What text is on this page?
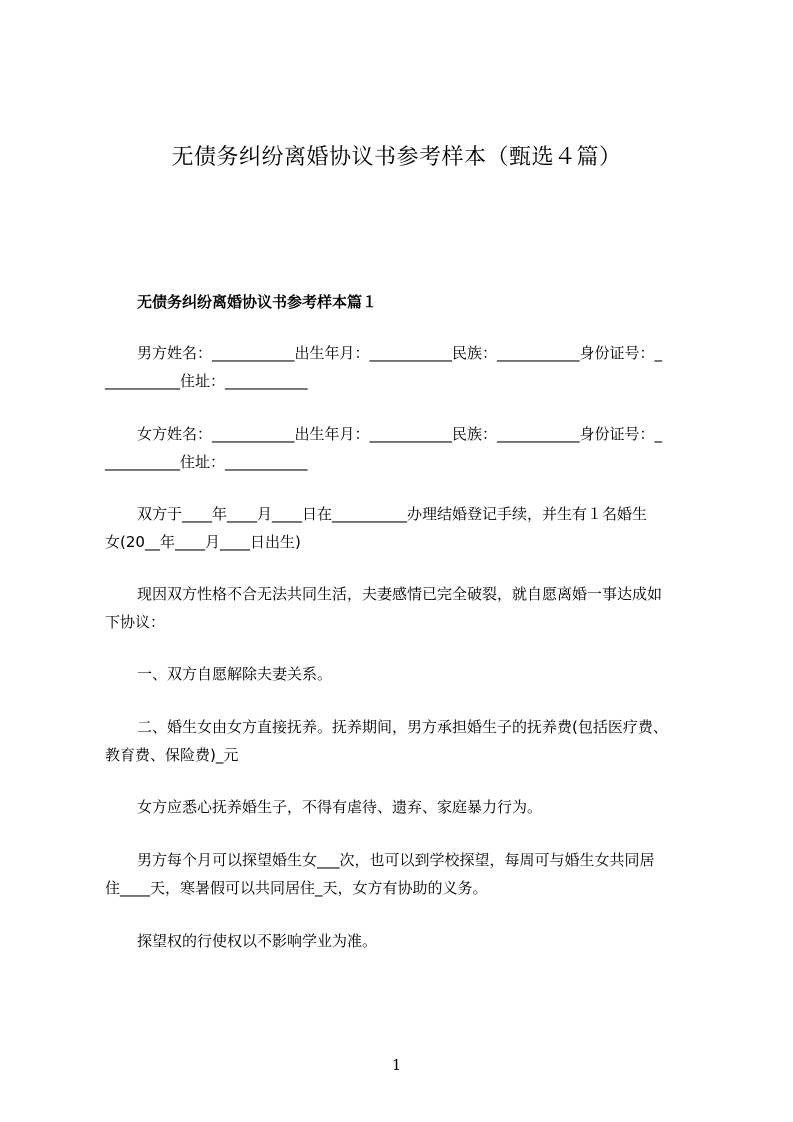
无债务纠纷离婚协议书参考样本（甄选４篇）
无债务纠纷离婚协议书参考样本篇１
男方姓名：___________出生年月：___________民族：___________身份证号：_
__________住址：___________
女方姓名：___________出生年月：___________民族：___________身份证号：_
__________住址：___________
双方于____年____月____日在__________办理结婚登记手续，并生有１名婚生
女(20__年____月____日出生)
现因双方性格不合无法共同生活，夫妻感情已完全破裂，就自愿离婚一事达成如
下协议：
一、双方自愿解除夫妻关系。
二、婚生女由女方直接抚养。抚养期间，男方承担婚生子的抚养费(包括医疗费、
教育费、保险费)_元
女方应悉心抚养婚生子，不得有虐待、遗弃、家庭暴力行为。
男方每个月可以探望婚生女___次，也可以到学校探望，每周可与婚生女共同居
住____天，寒暑假可以共同居住_天，女方有协助的义务。
探望权的行使权以不影响学业为准。
1
